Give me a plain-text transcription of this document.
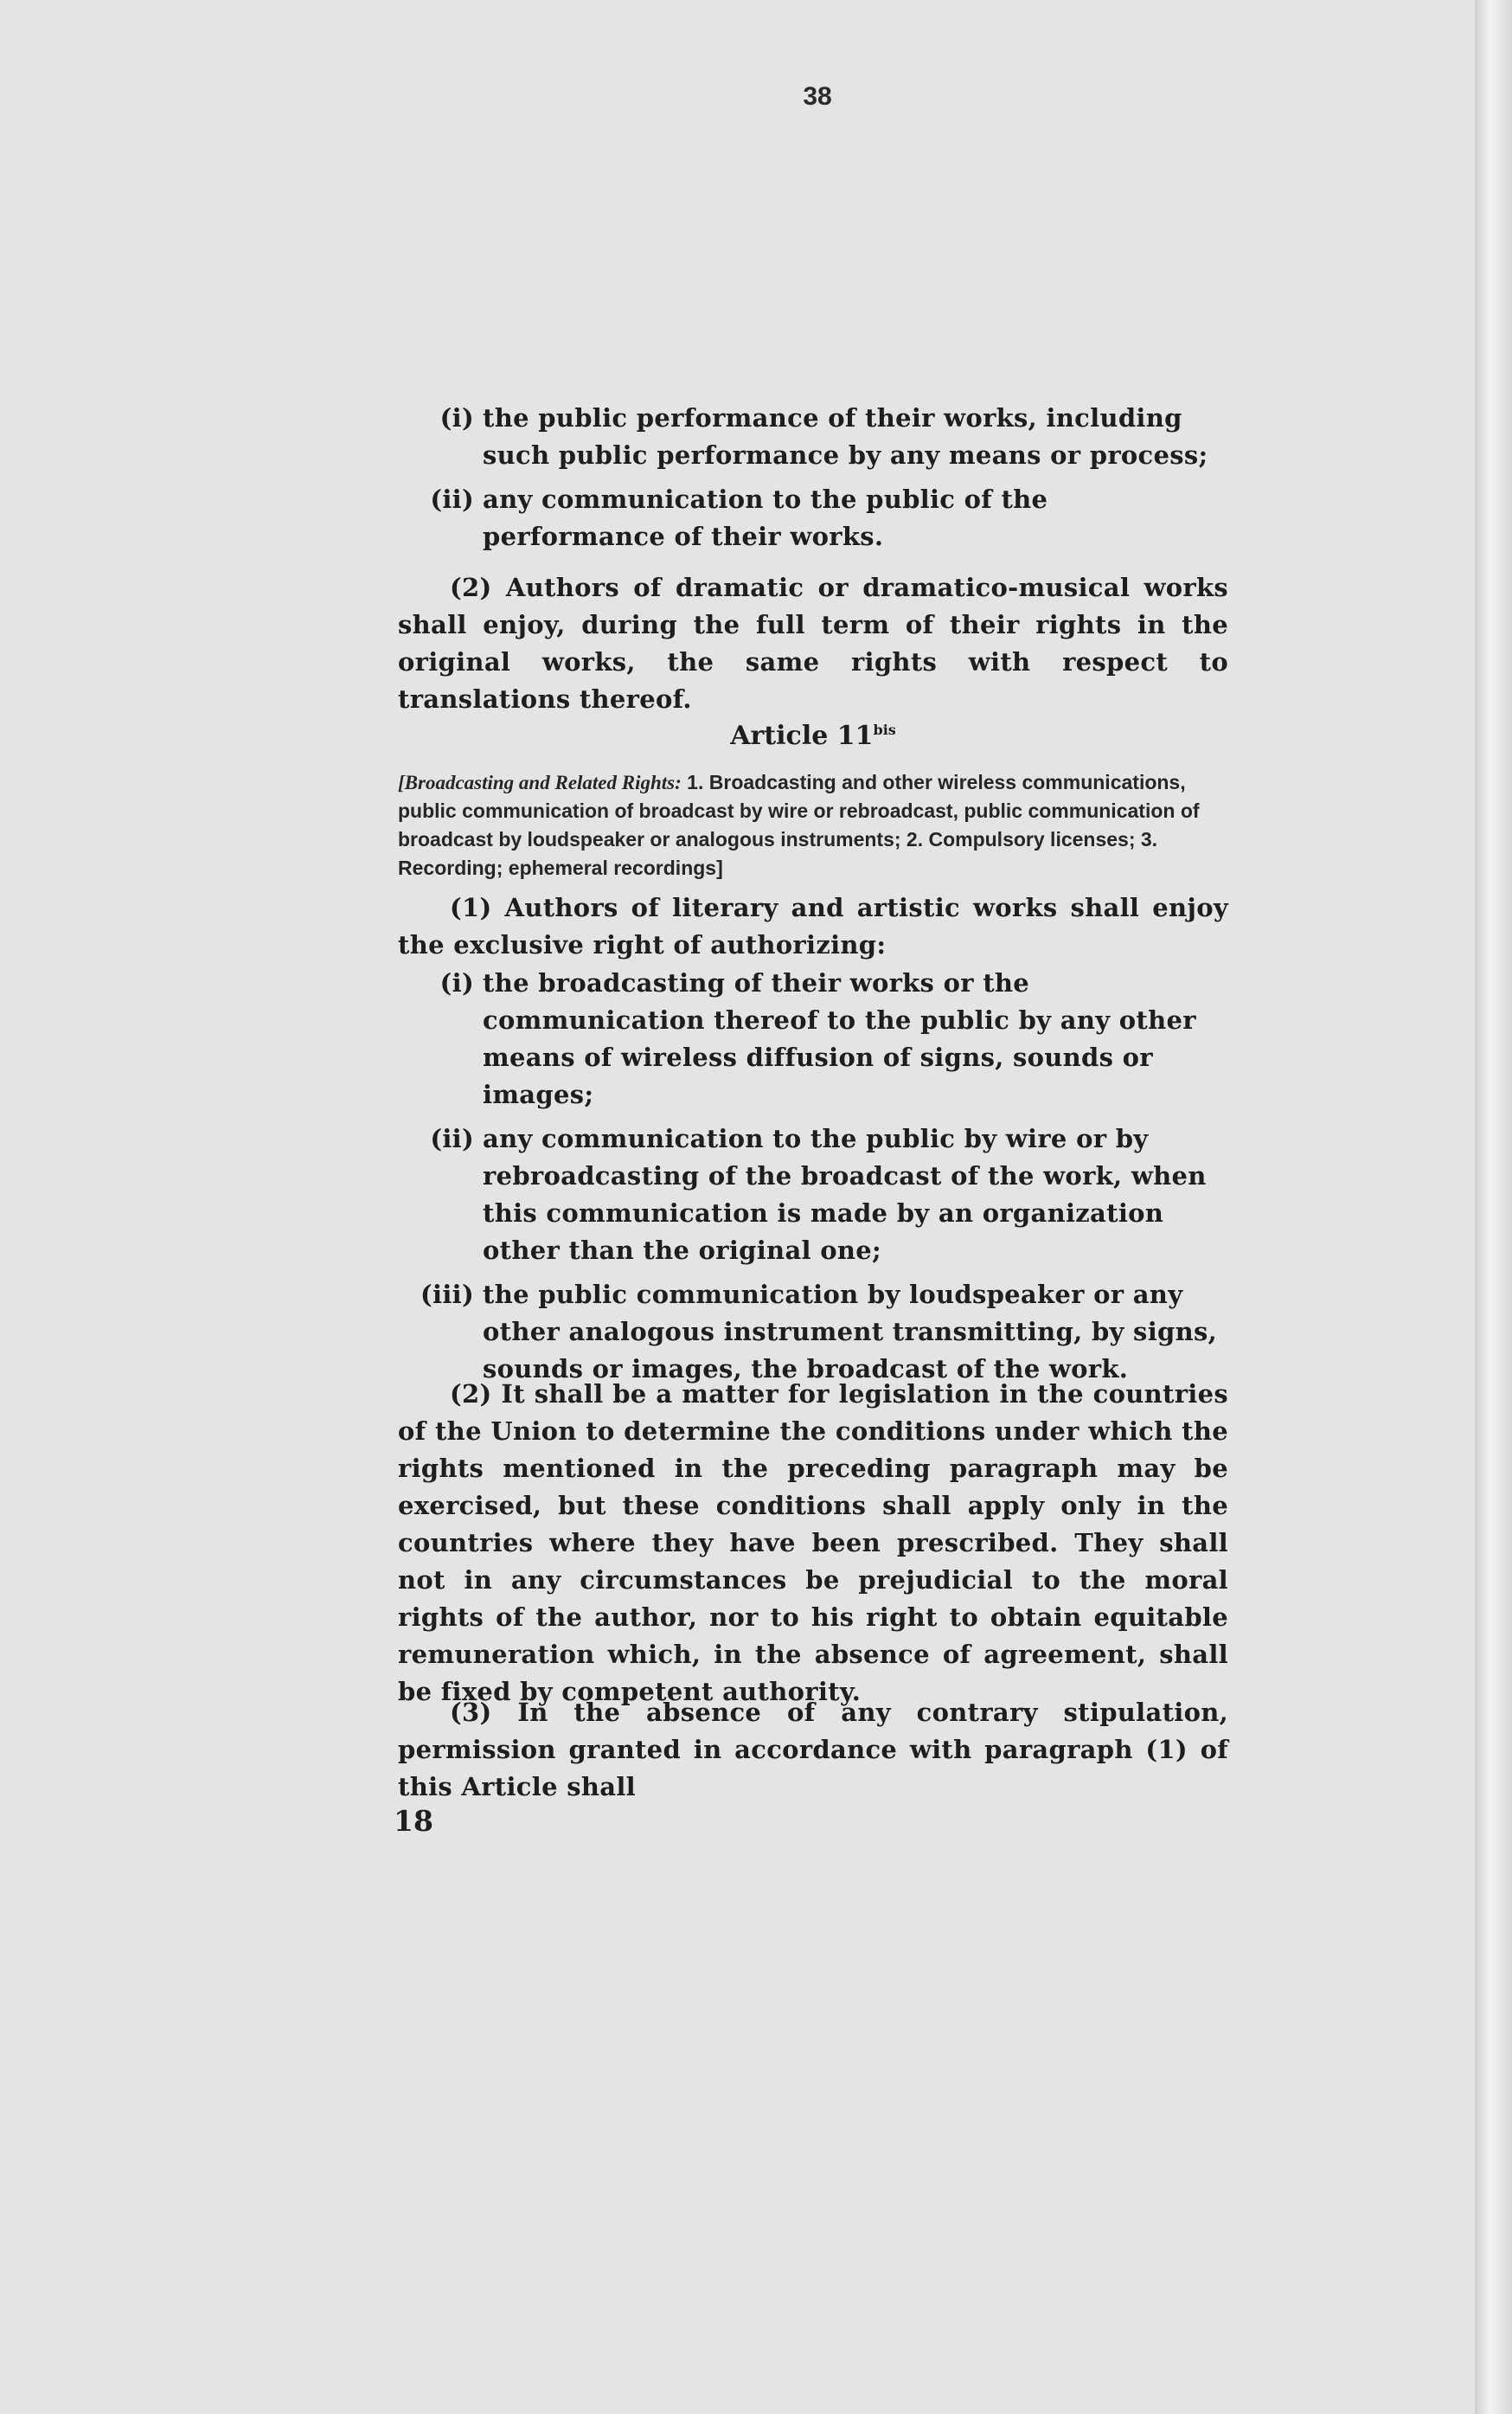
38
(i) the public performance of their works, including such public performance by any means or process;
(ii) any communication to the public of the performance of their works.

(2) Authors of dramatic or dramatico-musical works shall enjoy, during the full term of their rights in the original works, the same rights with respect to translations thereof.

Article $11^{bis}$
[Broadcasting and Related Rights: 1. Broadcasting and other wireless communications, public communication of broadcast by wire or rebroadcast, public communication of broadcast by loudspeaker or analogous instruments; 2. Compulsory licenses; 3. Recording; ephemeral recordings]

(1) Authors of literary and artistic works shall enjoy the exclusive right of authorizing:

(i) the broadcasting of their works or the communication thereof to the public by any other means of wireless diffusion of signs, sounds or images;
(ii) any communication to the public by wire or by rebroadcasting of the broadcast of the work, when this communication is made by an organization other than the original one;
(iii) the public communication by loudspeaker or any other analogous instrument transmitting, by signs, sounds or images, the broadcast of the work.

(2) It shall be a matter for legislation in the countries of the Union to determine the conditions under which the rights mentioned in the preceding paragraph may be exercised, but these conditions shall apply only in the countries where they have been prescribed. They shall not in any circumstances be prejudicial to the moral rights of the author, nor to his right to obtain equitable remuneration which, in the absence of agreement, shall be fixed by competent authority.

(3) In the absence of any contrary stipulation, permission granted in accordance with paragraph (1) of this Article shall

18
